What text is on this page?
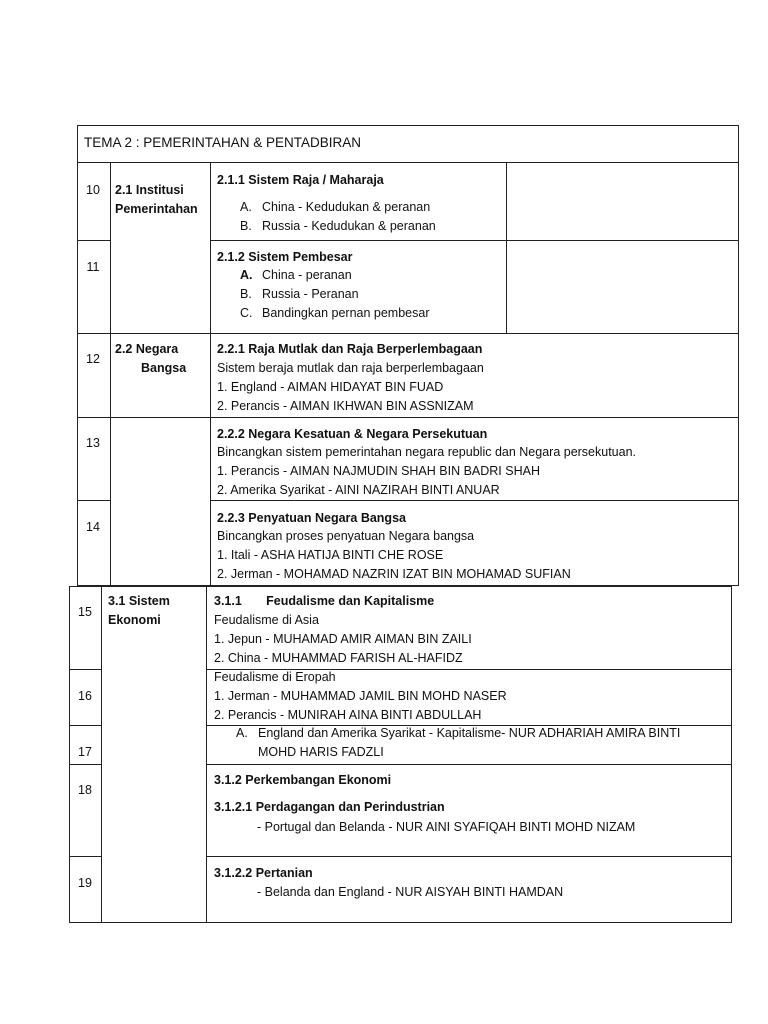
TEMA 2 : PEMERINTAHAN & PENTADBIRAN
10
11
12
13
14
2.1 Institusi
Pemerintahan
2.2 Negara
Bangsa
2.1.1 Sistem Raja / Maharaja
A. China - Kedudukan & peranan
B. Russia - Kedudukan & peranan
2.1.2 Sistem Pembesar
A. China - peranan
B. Russia - Peranan
C. Bandingkan pernan pembesar
2.2.1 Raja Mutlak dan Raja Berperlembagaan
Sistem beraja mutlak dan raja berperlembagaan
1. England - AIMAN HIDAYAT BIN FUAD
2. Perancis - AIMAN IKHWAN BIN ASSNIZAM
2.2.2 Negara Kesatuan & Negara Persekutuan
Bincangkan sistem pemerintahan negara republic dan Negara persekutuan.
1. Perancis - AIMAN NAJMUDIN SHAH BIN BADRI SHAH
2. Amerika Syarikat - AINI NAZIRAH BINTI ANUAR
2.2.3 Penyatuan Negara Bangsa
Bincangkan proses penyatuan Negara bangsa
1. Itali - ASHA HATIJA BINTI CHE ROSE
2. Jerman - MOHAMAD NAZRIN IZAT BIN MOHAMAD SUFIAN
15
16
17
18
19
3.1 Sistem
Ekonomi
3.1.1       Feudalisme dan Kapitalisme
Feudalisme di Asia
1. Jepun - MUHAMAD AMIR AIMAN BIN ZAILI
2. China - MUHAMMAD FARISH AL-HAFIDZ
Feudalisme di Eropah
1. Jerman - MUHAMMAD JAMIL BIN MOHD NASER
2. Perancis - MUNIRAH AINA BINTI ABDULLAH
A. England dan Amerika Syarikat - Kapitalisme- NUR ADHARIAH AMIRA BINTI
MOHD HARIS FADZLI
3.1.2 Perkembangan Ekonomi
3.1.2.1 Perdagangan dan Perindustrian
- Portugal dan Belanda - NUR AINI SYAFIQAH BINTI MOHD NIZAM
3.1.2.2 Pertanian
- Belanda dan England - NUR AISYAH BINTI HAMDAN
